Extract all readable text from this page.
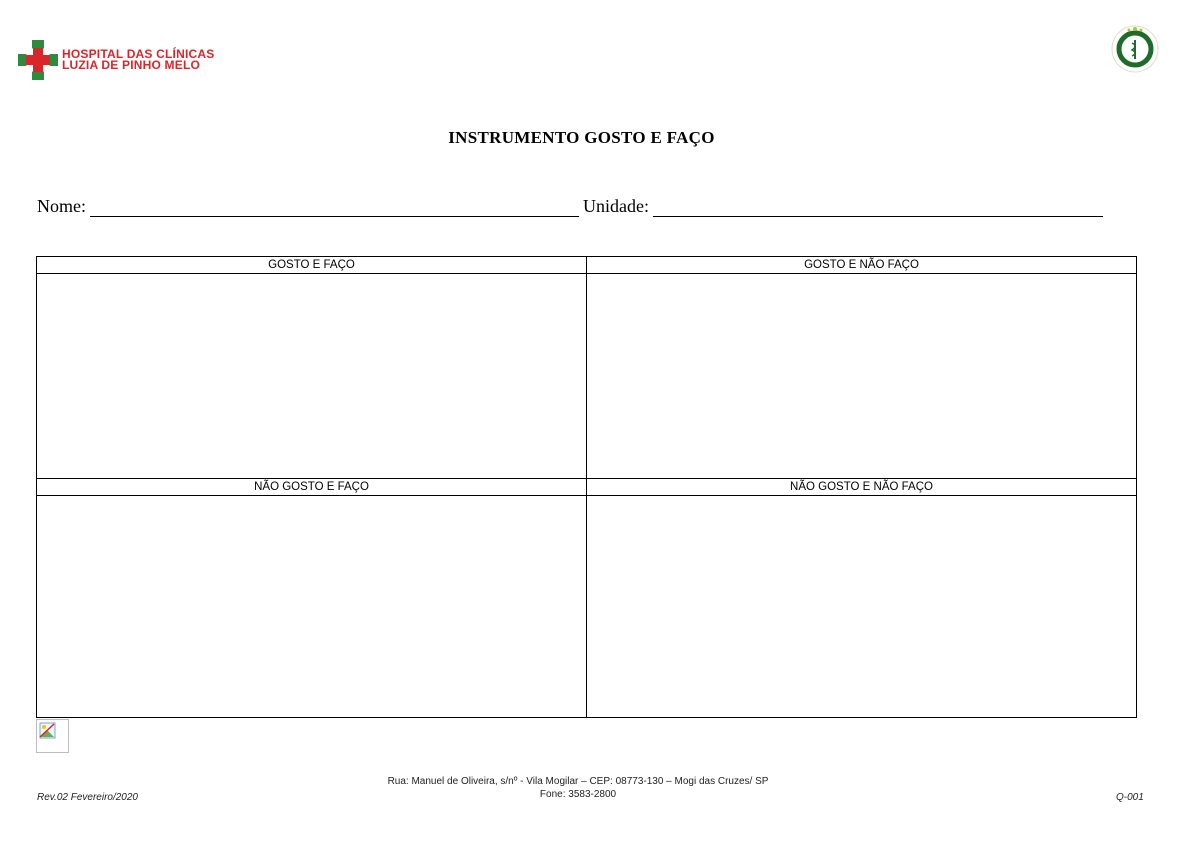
HOSPITAL DAS CLÍNICAS
LUZIA DE PINHO MELO
INSTRUMENTO GOSTO E FAÇO
Nome:	Unidade:
GOSTO E FAÇO	GOSTO E NÃO FAÇO
NÃO GOSTO E FAÇO	NÃO GOSTO E NÃO FAÇO
Rua: Manuel de Oliveira, s/nº - Vila Mogilar – CEP: 08773-130 – Mogi das Cruzes/ SP
Fone: 3583-2800
Rev.02 Fevereiro/2020	Q-001
